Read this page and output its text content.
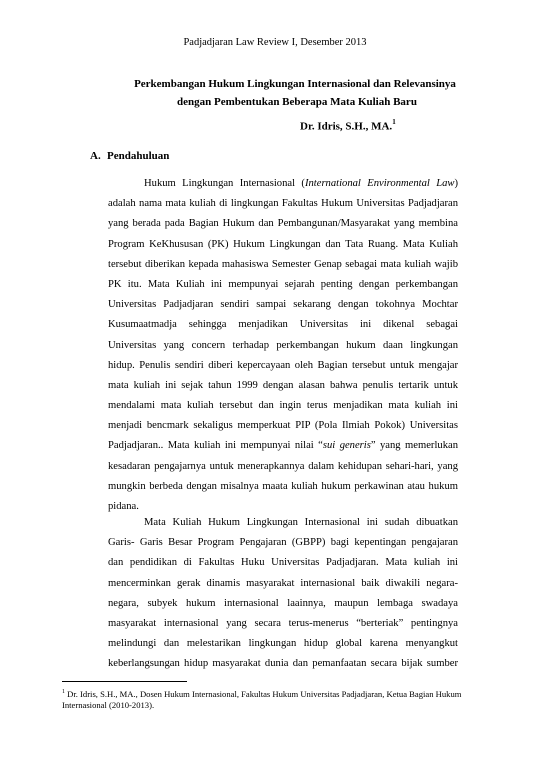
Padjadjaran Law Review I, Desember 2013
Perkembangan Hukum Lingkungan Internasional dan Relevansinya
dengan Pembentukan Beberapa Mata Kuliah Baru
Dr. Idris, S.H., MA.$^1$
A. Pendahuluan
Hukum Lingkungan Internasional (International Environmental Law)
adalah nama mata kuliah di lingkungan Fakultas Hukum Universitas Padjadjaran
yang berada pada Bagian Hukum dan Pembangunan/Masyarakat yang membina
Program KeKhususan (PK) Hukum Lingkungan dan Tata Ruang. Mata Kuliah
tersebut diberikan kepada mahasiswa Semester Genap sebagai mata kuliah wajib
PK itu. Mata Kuliah ini mempunyai sejarah penting dengan perkembangan
Universitas Padjadjaran sendiri sampai sekarang dengan tokohnya Mochtar
Kusumaatmadja sehingga menjadikan Universitas ini dikenal sebagai
Universitas yang concern terhadap perkembangan hukum daan lingkungan
hidup. Penulis sendiri diberi kepercayaan oleh Bagian tersebut untuk mengajar
mata kuliah ini sejak tahun 1999 dengan alasan bahwa penulis tertarik untuk
mendalami mata kuliah tersebut dan ingin terus menjadikan mata kuliah ini
menjadi bencmark sekaligus memperkuat PIP (Pola Ilmiah Pokok) Universitas
Padjadjaran.. Mata kuliah ini mempunyai nilai “sui generis” yang memerlukan
kesadaran pengajarnya untuk menerapkannya dalam kehidupan sehari-hari, yang
mungkin berbeda dengan misalnya maata kuliah hukum perkawinan atau hukum
pidana.
Mata Kuliah Hukum Lingkungan Internasional ini sudah dibuatkan
Garis- Garis Besar Program Pengajaran (GBPP) bagi kepentingan pengajaran
dan pendidikan di Fakultas Huku Universitas Padjadjaran. Mata kuliah ini
mencerminkan gerak dinamis masyarakat internasional baik diwakili negara-
negara, subyek hukum internasional laainnya, maupun lembaga swadaya
masyarakat internasional yang secara terus-menerus “berteriak” pentingnya
melindungi dan melestarikan lingkungan hidup global karena menyangkut
keberlangsungan hidup masyarakat dunia dan pemanfaatan secara bijak sumber
$^1$ Dr. Idris, S.H., MA., Dosen Hukum Internasional, Fakultas Hukum Universitas Padjadjaran, Ketua Bagian Hukum Internasional (2010-2013).
